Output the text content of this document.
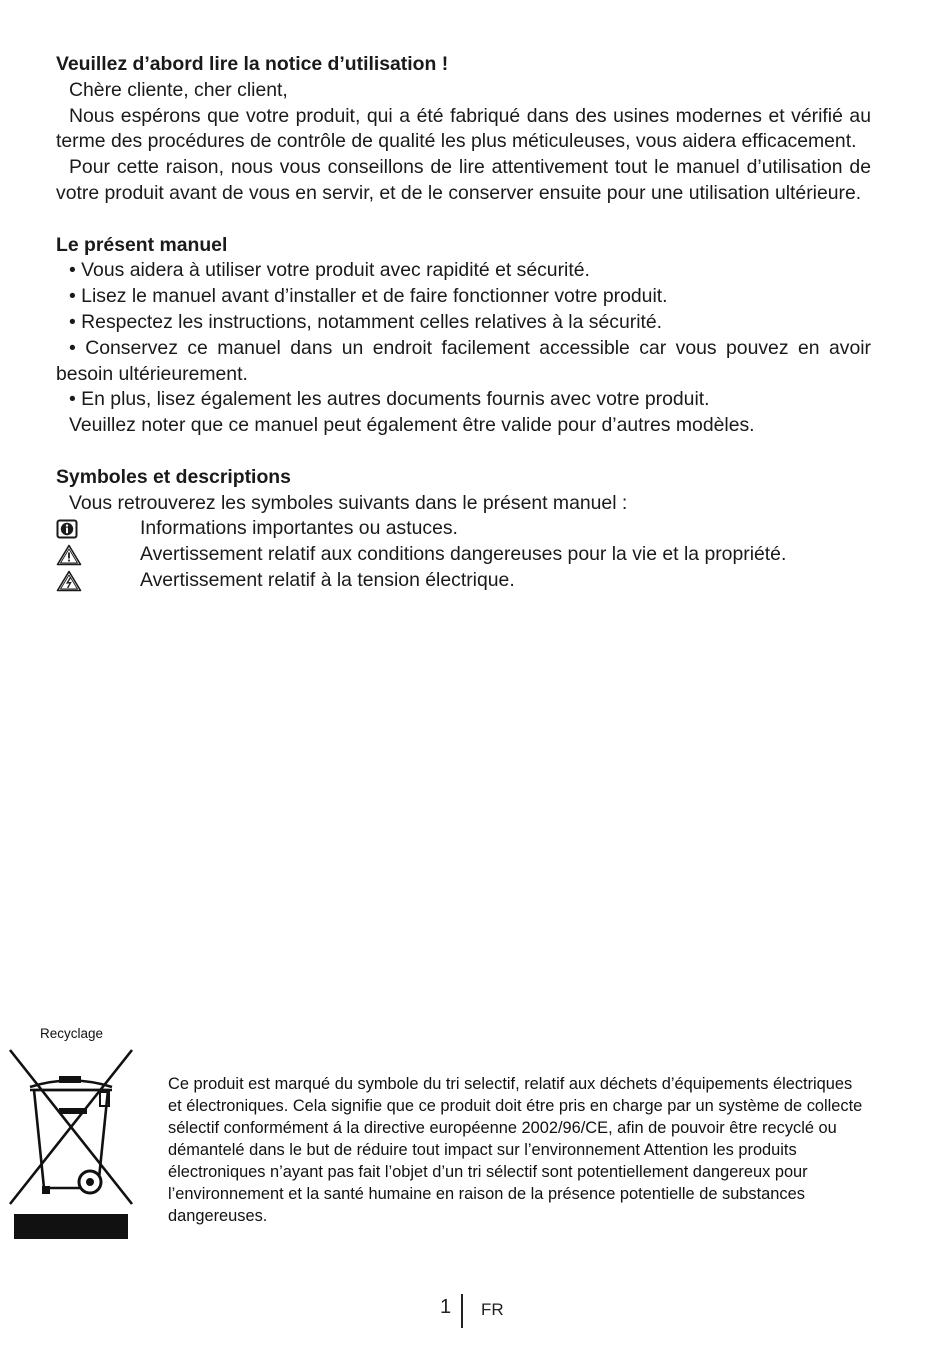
Veuillez d’abord lire la notice d’utilisation !

Chère cliente, cher client,

Nous espérons que votre produit, qui a été fabriqué dans des usines modernes et vérifié au terme des procédures de contrôle de qualité les plus méticuleuses, vous aidera efficacement.

Pour cette raison, nous vous conseillons de lire attentivement tout le manuel d’utilisation de votre produit avant de vous en servir, et de le conserver ensuite pour une utilisation ultérieure.

Le présent manuel

• Vous aidera à utiliser votre produit avec rapidité et sécurité.

• Lisez le manuel avant d’installer et de faire fonctionner votre produit.

• Respectez les instructions, notamment celles relatives à la sécurité.

• Conservez ce manuel dans un endroit facilement accessible car vous pouvez en avoir besoin ultérieurement.

• En plus, lisez également les autres documents fournis avec votre produit.

Veuillez noter que ce manuel peut également être valide pour d’autres modèles.

Symboles et descriptions

Vous retrouverez les symboles suivants dans le présent manuel :

Informations importantes ou astuces.
Avertissement relatif aux conditions dangereuses pour la vie et la propriété.
Avertissement relatif à la tension électrique.
Recyclage
Ce produit est marqué du symbole du tri selectif, relatif aux déchets d’équipements électriques et électroniques. Cela signifie que ce produit doit étre pris en charge par un système de collecte sélectif conformément á la directive européenne 2002/96/CE, afin de pouvoir être recyclé ou démantelé dans le but de réduire tout impact sur l’environnement Attention les produits électroniques n’ayant pas fait l’objet d’un tri sélectif sont potentiellement dangereux pour l’environnement et la santé humaine en raison de la présence potentielle de substances dangereuses.
1 FR
